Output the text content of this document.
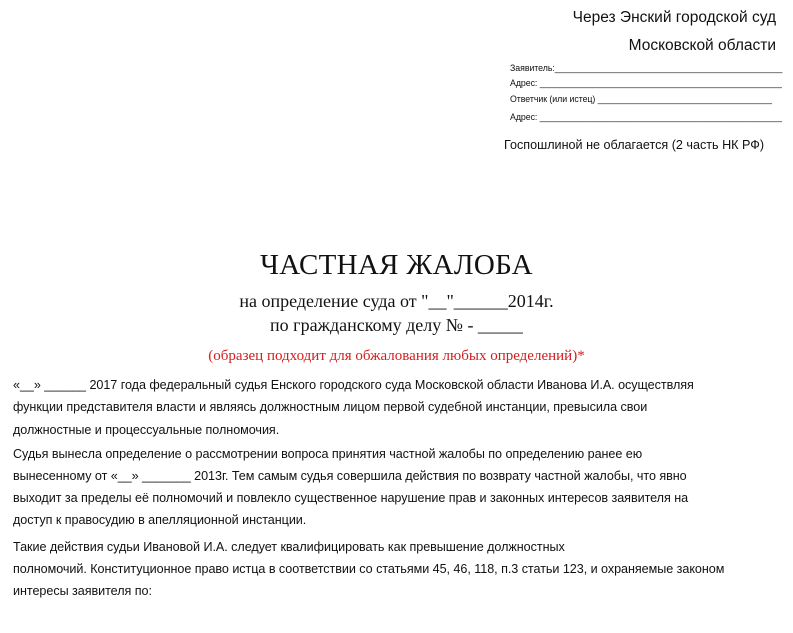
Через Энский городской суд
Московской области
Заявитель:_______________________________________________
Адрес: __________________________________________________
Ответчик (или истец) ____________________________________
Адрес: __________________________________________________
Госпошлиной не облагается (2 часть НК РФ)
ЧАСТНАЯ ЖАЛОБА
на определение суда от "__"______2014г.
по гражданскому делу № - _____
(образец подходит для обжалования любых определений)*
«__» ______ 2017 года федеральный судья Енского городского суда Московской области Иванова И.А. осуществляя
функции представителя власти и являясь должностным лицом первой судебной инстанции, превысила свои
должностные и процессуальные полномочия.
Судья вынесла определение о рассмотрении вопроса принятия частной жалобы по определению ранее ею
вынесенному от «__» _______ 2013г. Тем самым судья совершила действия по возврату частной жалобы, что явно
выходит за пределы её полномочий и повлекло существенное нарушение прав и законных интересов заявителя на
доступ к правосудию в апелляционной инстанции.
Такие действия судьи Ивановой И.А. следует квалифицировать как превышение должностных
полномочий. Конституционное право истца в соответствии со статьями 45, 46, 118, п.3 статьи 123, и охраняемые законом
интересы заявителя по:
